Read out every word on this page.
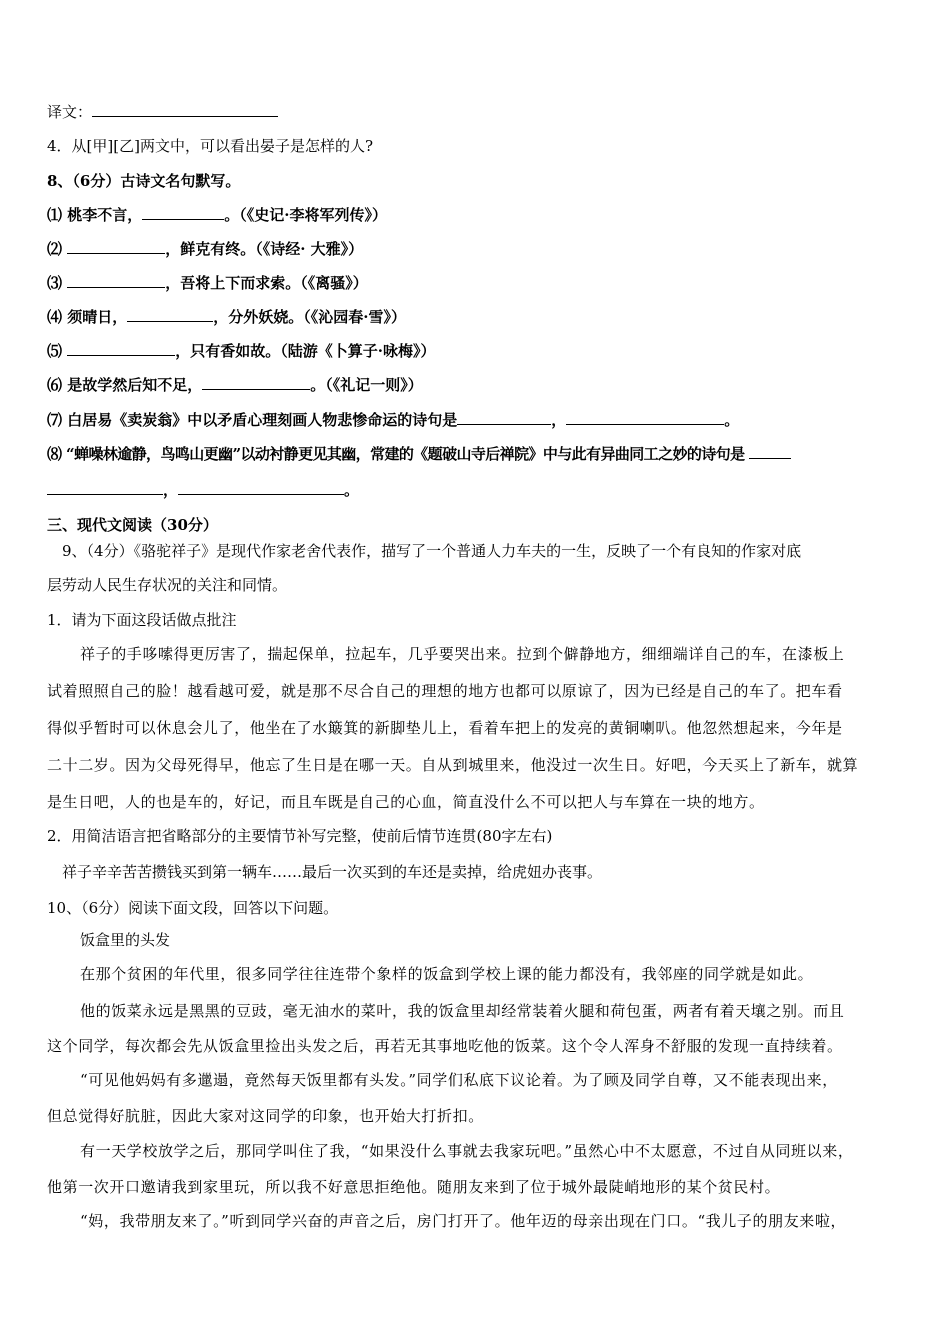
译文：
4．从[甲][乙]两文中，可以看出晏子是怎样的人?
8、（6分）古诗文名句默写。
⑴ 桃李不言，	。（《史记·李将军列传》）
⑵	，鲜克有终。（《诗经· 大雅》）
⑶	，吾将上下而求索。（《离骚》）
⑷ 须晴日，	，分外妖娆。（《沁园春·雪》）
⑸	，只有香如故。（陆游《卜算子·咏梅》）
⑹ 是故学然后知不足，	。（《礼记一则》）
⑺ 白居易《卖炭翁》中以矛盾心理刻画人物悲惨命运的诗句是	，	。
⑻ “蝉噪林逾静，鸟鸣山更幽”以动衬静更见其幽，常建的《题破山寺后禅院》中与此有异曲同工之妙的诗句是
，	。
三、现代文阅读（30分）
9、（4分）《骆驼祥子》是现代作家老舍代表作，描写了一个普通人力车夫的一生，反映了一个有良知的作家对底
层劳动人民生存状况的关注和同情。
1．请为下面这段话做点批注
祥子的手哆嗦得更厉害了，揣起保单，拉起车，几乎要哭出来。拉到个僻静地方，细细端详自己的车，在漆板上
试着照照自己的脸！越看越可爱，就是那不尽合自己的理想的地方也都可以原谅了，因为已经是自己的车了。把车看
得似乎暂时可以休息会儿了，他坐在了水簸箕的新脚垫儿上，看着车把上的发亮的黄铜喇叭。他忽然想起来，今年是
二十二岁。因为父母死得早，他忘了生日是在哪一天。自从到城里来，他没过一次生日。好吧，今天买上了新车，就算
是生日吧，人的也是车的，好记，而且车既是自己的心血，简直没什么不可以把人与车算在一块的地方。
2．用简洁语言把省略部分的主要情节补写完整，使前后情节连贯(80字左右)
祥子辛辛苦苦攒钱买到第一辆车……最后一次买到的车还是卖掉，给虎妞办丧事。
10、（6分）阅读下面文段，回答以下问题。
饭盒里的头发
在那个贫困的年代里，很多同学往往连带个象样的饭盒到学校上课的能力都没有，我邻座的同学就是如此。
他的饭菜永远是黑黑的豆豉，毫无油水的菜叶，我的饭盒里却经常装着火腿和荷包蛋，两者有着天壤之别。而且
这个同学，每次都会先从饭盒里捡出头发之后，再若无其事地吃他的饭菜。这个令人浑身不舒服的发现一直持续着。
“可见他妈妈有多邋遢，竟然每天饭里都有头发。”同学们私底下议论着。为了顾及同学自尊，又不能表现出来，
但总觉得好肮脏，因此大家对这同学的印象，也开始大打折扣。
有一天学校放学之后，那同学叫住了我，“如果没什么事就去我家玩吧。”虽然心中不太愿意，不过自从同班以来，
他第一次开口邀请我到家里玩，所以我不好意思拒绝他。随朋友来到了位于城外最陡峭地形的某个贫民村。
“妈，我带朋友来了。”听到同学兴奋的声音之后，房门打开了。他年迈的母亲出现在门口。“我儿子的朋友来啦，
